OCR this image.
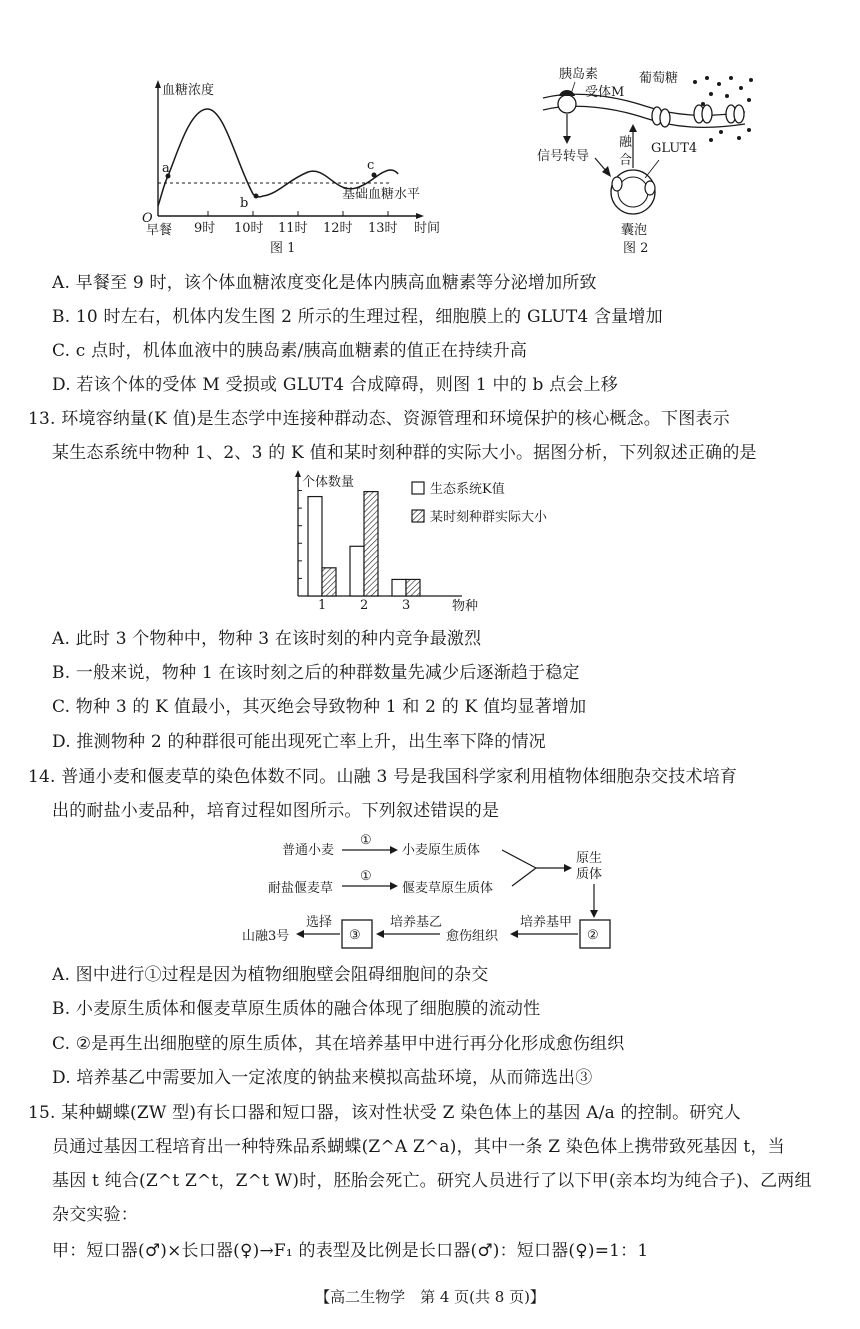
a
b
c
血糖浓度
O
基础血糖水平
早餐 9时 10时 11时 12时 13时 时间
图 1
胰岛素
受体M
葡萄糖
信号转导
融
合
GLUT4
囊泡
图 2
A. 早餐至 9 时，该个体血糖浓度变化是体内胰高血糖素等分泌增加所致
B. 10 时左右，机体内发生图 2 所示的生理过程，细胞膜上的 GLUT4 含量增加
C. c 点时，机体血液中的胰岛素/胰高血糖素的值正在持续升高
D. 若该个体的受体 M 受损或 GLUT4 合成障碍，则图 1 中的 b 点会上移
13. 环境容纳量(K 值)是生态学中连接种群动态、资源管理和环境保护的核心概念。下图表示
某生态系统中物种 1、2、3 的 K 值和某时刻种群的实际大小。据图分析，下列叙述正确的是
1	2	3
个体数量
物种
生态系统K值
某时刻种群实际大小
A. 此时 3 个物种中，物种 3 在该时刻的种内竞争最激烈
B. 一般来说，物种 1 在该时刻之后的种群数量先减少后逐渐趋于稳定
C. 物种 3 的 K 值最小，其灭绝会导致物种 1 和 2 的 K 值均显著增加
D. 推测物种 2 的种群很可能出现死亡率上升，出生率下降的情况
14. 普通小麦和偃麦草的染色体数不同。山融 3 号是我国科学家利用植物体细胞杂交技术培育
出的耐盐小麦品种，培育过程如图所示。下列叙述错误的是
普通小麦
①
小麦原生质体
耐盐偃麦草
①
偃麦草原生质体
原生
质体
②
培养基甲
愈伤组织
培养基乙
③
选择
山融3号
A. 图中进行①过程是因为植物细胞壁会阻碍细胞间的杂交
B. 小麦原生质体和偃麦草原生质体的融合体现了细胞膜的流动性
C. ②是再生出细胞壁的原生质体，其在培养基甲中进行再分化形成愈伤组织
D. 培养基乙中需要加入一定浓度的钠盐来模拟高盐环境，从而筛选出③
15. 某种蝴蝶(ZW 型)有长口器和短口器，该对性状受 Z 染色体上的基因 A/a 的控制。研究人
员通过基因工程培育出一种特殊品系蝴蝶(Z^A Z^a)，其中一条 Z 染色体上携带致死基因 t，当
基因 t 纯合(Z^t Z^t，Z^t W)时，胚胎会死亡。研究人员进行了以下甲(亲本均为纯合子)、乙两组
杂交实验：
甲：短口器(♂)×长口器(♀)→F₁ 的表型及比例是长口器(♂)：短口器(♀)=1：1
【高二生物学　第 4 页(共 8 页)】
